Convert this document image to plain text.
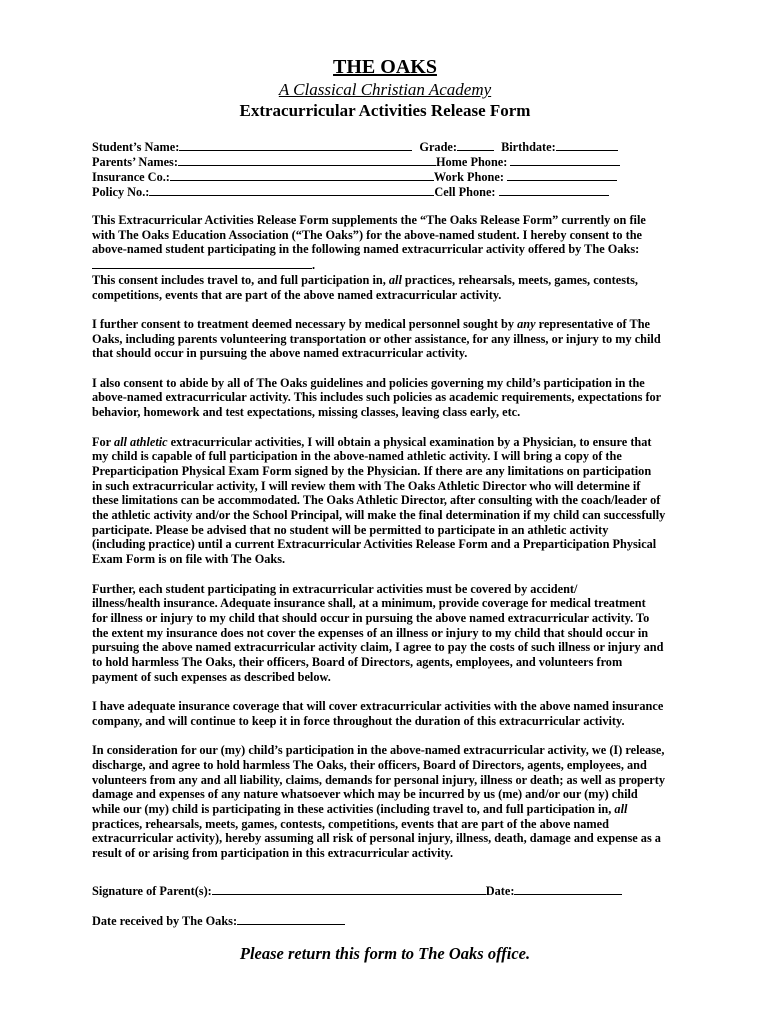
THE OAKS
A Classical Christian Academy
Extracurricular Activities Release Form
Student’s Name:	Grade:	Birthdate:
Parents’ Names:	Home Phone:
Insurance Co.:	Work Phone:
Policy No.:	Cell Phone:

This Extracurricular Activities Release Form supplements the “The Oaks Release Form” currently on file
with The Oaks Education Association (“The Oaks”) for the above-named student. I hereby consent to the
above-named student participating in the following named extracurricular activity offered by The Oaks:
.
This consent includes travel to, and full participation in, all practices, rehearsals, meets, games, contests,
competitions, events that are part of the above named extracurricular activity.

I further consent to treatment deemed necessary by medical personnel sought by any representative of The
Oaks, including parents volunteering transportation or other assistance, for any illness, or injury to my child
that should occur in pursuing the above named extracurricular activity.

I also consent to abide by all of The Oaks guidelines and policies governing my child’s participation in the
above-named extracurricular activity. This includes such policies as academic requirements, expectations for
behavior, homework and test expectations, missing classes, leaving class early, etc.

For all athletic extracurricular activities, I will obtain a physical examination by a Physician, to ensure that
my child is capable of full participation in the above-named athletic activity. I will bring a copy of the
Preparticipation Physical Exam Form signed by the Physician. If there are any limitations on participation
in such extracurricular activity, I will review them with The Oaks Athletic Director who will determine if
these limitations can be accommodated. The Oaks Athletic Director, after consulting with the coach/leader of
the athletic activity and/or the School Principal, will make the final determination if my child can successfully
participate. Please be advised that no student will be permitted to participate in an athletic activity
(including practice) until a current Extracurricular Activities Release Form and a Preparticipation Physical
Exam Form is on file with The Oaks.

Further, each student participating in extracurricular activities must be covered by accident/
illness/health insurance. Adequate insurance shall, at a minimum, provide coverage for medical treatment
for illness or injury to my child that should occur in pursuing the above named extracurricular activity. To
the extent my insurance does not cover the expenses of an illness or injury to my child that should occur in
pursuing the above named extracurricular activity claim, I agree to pay the costs of such illness or injury and
to hold harmless The Oaks, their officers, Board of Directors, agents, employees, and volunteers from
payment of such expenses as described below.

I have adequate insurance coverage that will cover extracurricular activities with the above named insurance
company, and will continue to keep it in force throughout the duration of this extracurricular activity.

In consideration for our (my) child’s participation in the above-named extracurricular activity, we (I) release,
discharge, and agree to hold harmless The Oaks, their officers, Board of Directors, agents, employees, and
volunteers from any and all liability, claims, demands for personal injury, illness or death; as well as property
damage and expenses of any nature whatsoever which may be incurred by us (me) and/or our (my) child
while our (my) child is participating in these activities (including travel to, and full participation in, all
practices, rehearsals, meets, games, contests, competitions, events that are part of the above named
extracurricular activity), hereby assuming all risk of personal injury, illness, death, damage and expense as a
result of or arising from participation in this extracurricular activity.

Signature of Parent(s):	Date:
Date received by The Oaks:
Please return this form to The Oaks office.
